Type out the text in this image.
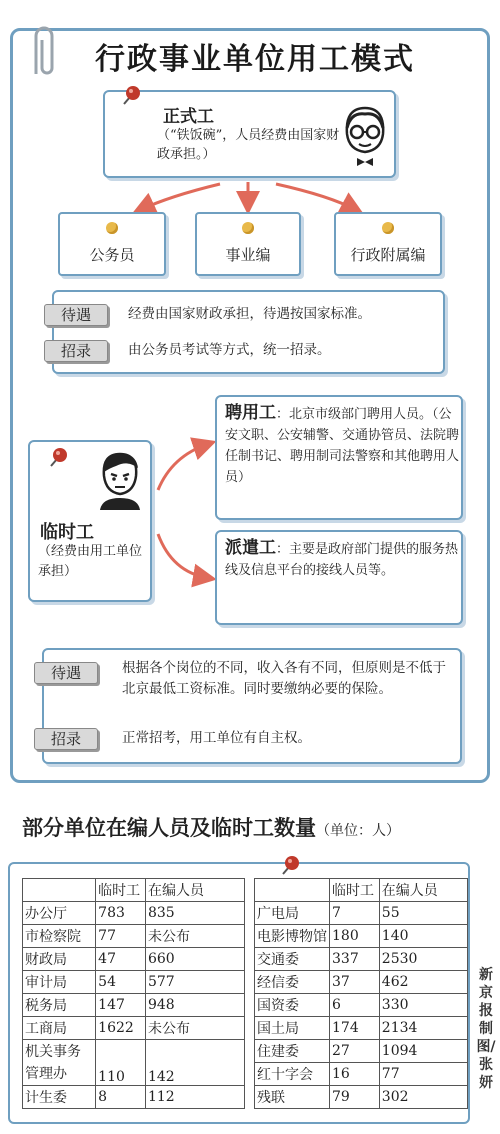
行政事业单位用工模式
正式工
（“铁饭碗”，人员经费由国家财政承担。）
公务员	事业编	行政附属编
待遇	经费由国家财政承担，待遇按国家标准。
招录	由公务员考试等方式，统一招录。
临时工
（经费由用工单位承担）
聘用工：北京市级部门聘用人员。（公安文职、公安辅警、交通协管员、法院聘任制书记、聘用制司法警察和其他聘用人员）
派遣工：主要是政府部门提供的服务热线及信息平台的接线人员等。
待遇	根据各个岗位的不同，收入各有不同，但原则是不低于北京最低工资标准。同时要缴纳必要的保险。
招录	正常招考，用工单位有自主权。
部分单位在编人员及临时工数量（单位：人）
	临时工	在编人员			临时工	在编人员
办公厅	783	835		广电局	7	55
市检察院	77	未公布		电影博物馆	180	140
财政局	47	660		交通委	337	2530
审计局	54	577		经信委	37	462
税务局	147	948		国资委	6	330
工商局	1622	未公布		国土局	174	2134
机关事务管理办	110	142		住建委	27	1094
				红十字会	16	77
计生委	8	112		残联	79	302
新京报制图/张妍
